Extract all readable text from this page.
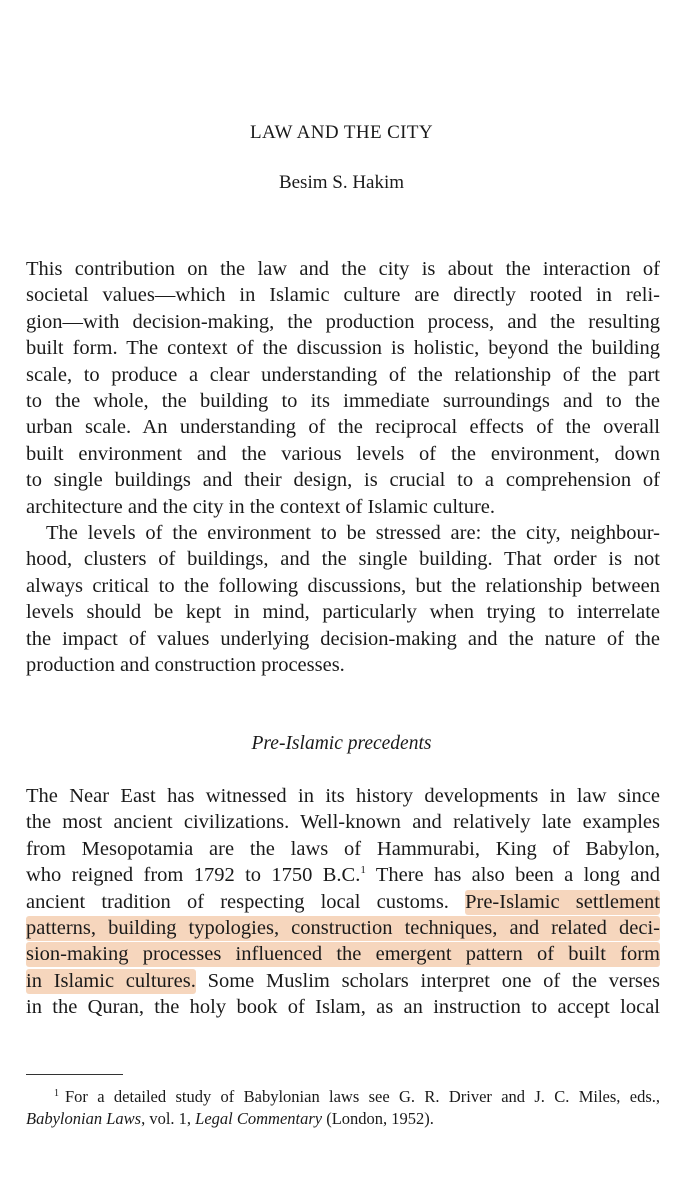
LAW AND THE CITY
Besim S. Hakim
This contribution on the law and the city is about the interaction of
societal values—which in Islamic culture are directly rooted in reli-
gion—with decision-making, the production process, and the resulting
built form. The context of the discussion is holistic, beyond the building
scale, to produce a clear understanding of the relationship of the part
to the whole, the building to its immediate surroundings and to the
urban scale. An understanding of the reciprocal effects of the overall
built environment and the various levels of the environment, down
to single buildings and their design, is crucial to a comprehension of
architecture and the city in the context of Islamic culture.
The levels of the environment to be stressed are: the city, neighbour-
hood, clusters of buildings, and the single building. That order is not
always critical to the following discussions, but the relationship between
levels should be kept in mind, particularly when trying to interrelate
the impact of values underlying decision-making and the nature of the
production and construction processes.
Pre-Islamic precedents
The Near East has witnessed in its history developments in law since
the most ancient civilizations. Well-known and relatively late examples
from Mesopotamia are the laws of Hammurabi, King of Babylon,
who reigned from 1792 to 1750 B.C.$^1$ There has also been a long and
ancient tradition of respecting local customs. Pre-Islamic settlement
patterns, building typologies, construction techniques, and related deci-
sion-making processes influenced the emergent pattern of built form
in Islamic cultures. Some Muslim scholars interpret one of the verses
in the Quran, the holy book of Islam, as an instruction to accept local
$^1$ For a detailed study of Babylonian laws see G. R. Driver and J. C. Miles, eds.,
Babylonian Laws, vol. 1, Legal Commentary (London, 1952).
